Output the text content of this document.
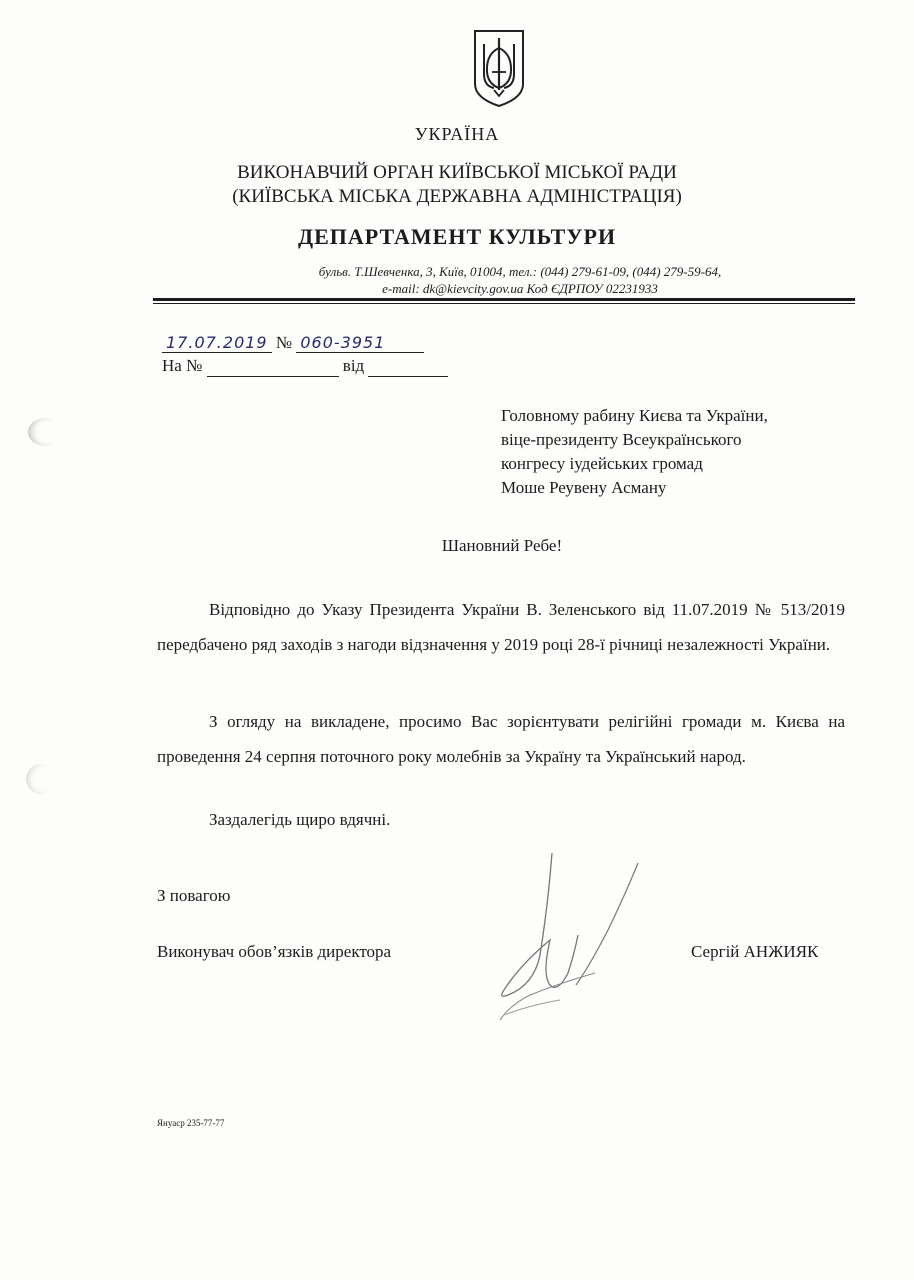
УКРАЇНА
ВИКОНАВЧИЙ ОРГАН КИЇВСЬКОЇ МІСЬКОЇ РАДИ
(КИЇВСЬКА МІСЬКА ДЕРЖАВНА АДМІНІСТРАЦІЯ)
ДЕПАРТАМЕНТ КУЛЬТУРИ
бульв. Т.Шевченка, 3, Київ, 01004, тел.: (044) 279-61-09, (044) 279-59-64,
e-mail: dk@kievcity.gov.ua Код ЄДРПОУ 02231933
17.07.2019 № 060-3951
На №	від
Головному рабину Києва та України,
віце-президенту Всеукраїнського
конгресу іудейських громад
Моше Реувену Асману
Шановний Ребе!
Відповідно до Указу Президента України В. Зеленського від 11.07.2019 № 513/2019 передбачено ряд заходів з нагоди відзначення у 2019 році 28-ї річниці незалежності України.
З огляду на викладене, просимо Вас зорієнтувати релігійні громади м. Києва на проведення 24 серпня поточного року молебнів за Україну та Український народ.
Заздалегідь щиро вдячні.
З повагою
Виконувач обов’язків директора	Сергій АНЖИЯК
Януаср 235-77-77
